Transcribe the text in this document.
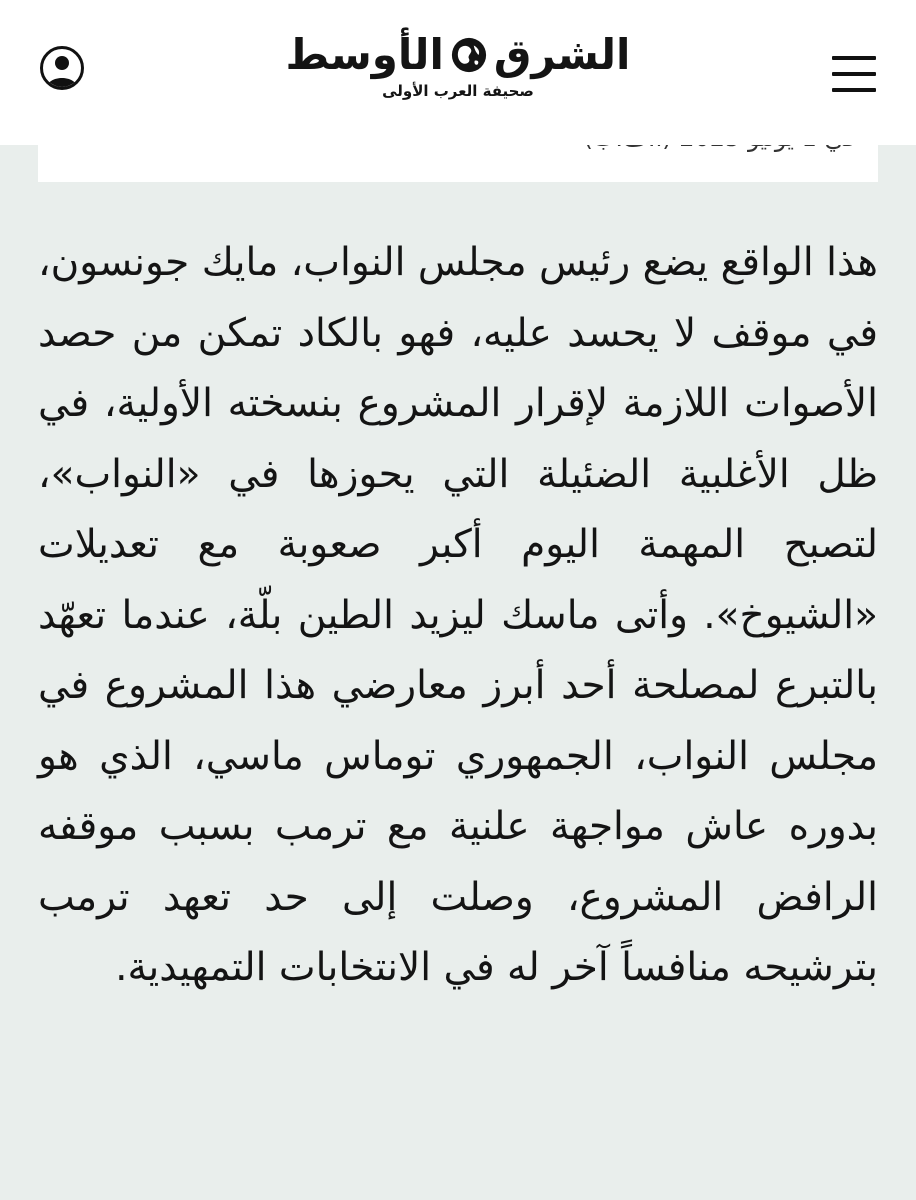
الشرق
الأوسط
صحيفة العرب الأولى
هذا الواقع يضع رئيس مجلس النواب، مايك جونسون، في موقف لا يحسد عليه، فهو بالكاد تمكن من حصد الأصوات اللازمة لإقرار المشروع بنسخته الأولية، في ظل الأغلبية الضئيلة التي يحوزها في «النواب»، لتصبح المهمة اليوم أكبر صعوبة مع تعديلات «الشيوخ». وأتى ماسك ليزيد الطين بلّة، عندما تعهّد بالتبرع لمصلحة أحد أبرز معارضي هذا المشروع في مجلس النواب، الجمهوري توماس ماسي، الذي هو بدوره عاش مواجهة علنية مع ترمب بسبب موقفه الرافض المشروع، وصلت إلى حد تعهد ترمب بترشيحه منافساً آخر له في الانتخابات التمهيدية.
